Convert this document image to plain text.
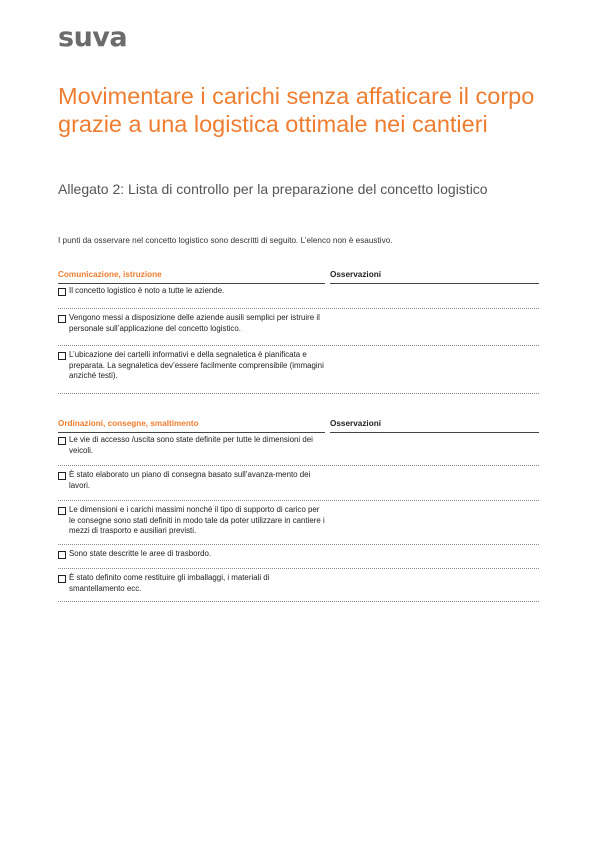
suva
Movimentare i carichi senza affaticare il corpo grazie a una logistica ottimale nei cantieri
Allegato 2: Lista di controllo per la preparazione del concetto logistico

I punti da osservare nel concetto logistico sono descritti di seguito. L’elenco non è esaustivo.

Comunicazione, istruzione	Osservazioni
Il concetto logistico è noto a tutte le aziende.
Vengono messi a disposizione delle aziende ausili semplici per istruire il personale sull’applicazione del concetto logistico.
L’ubicazione dei cartelli informativi e della segnaletica è pianificata e preparata. La segnaletica dev’essere facilmente comprensibile (immagini anziché testi).
Ordinazioni, consegne, smaltimento	Osservazioni
Le vie di accesso /uscita sono state definite per tutte le dimensioni dei veicoli.
È stato elaborato un piano di consegna basato sull’avanza-mento dei lavori.
Le dimensioni e i carichi massimi nonché il tipo di supporto di carico per le consegne sono stati definiti in modo tale da poter utilizzare in cantiere i mezzi di trasporto e ausiliari previsti.
Sono state descritte le aree di trasbordo.
È stato definito come restituire gli imballaggi, i materiali di smantellamento ecc.
